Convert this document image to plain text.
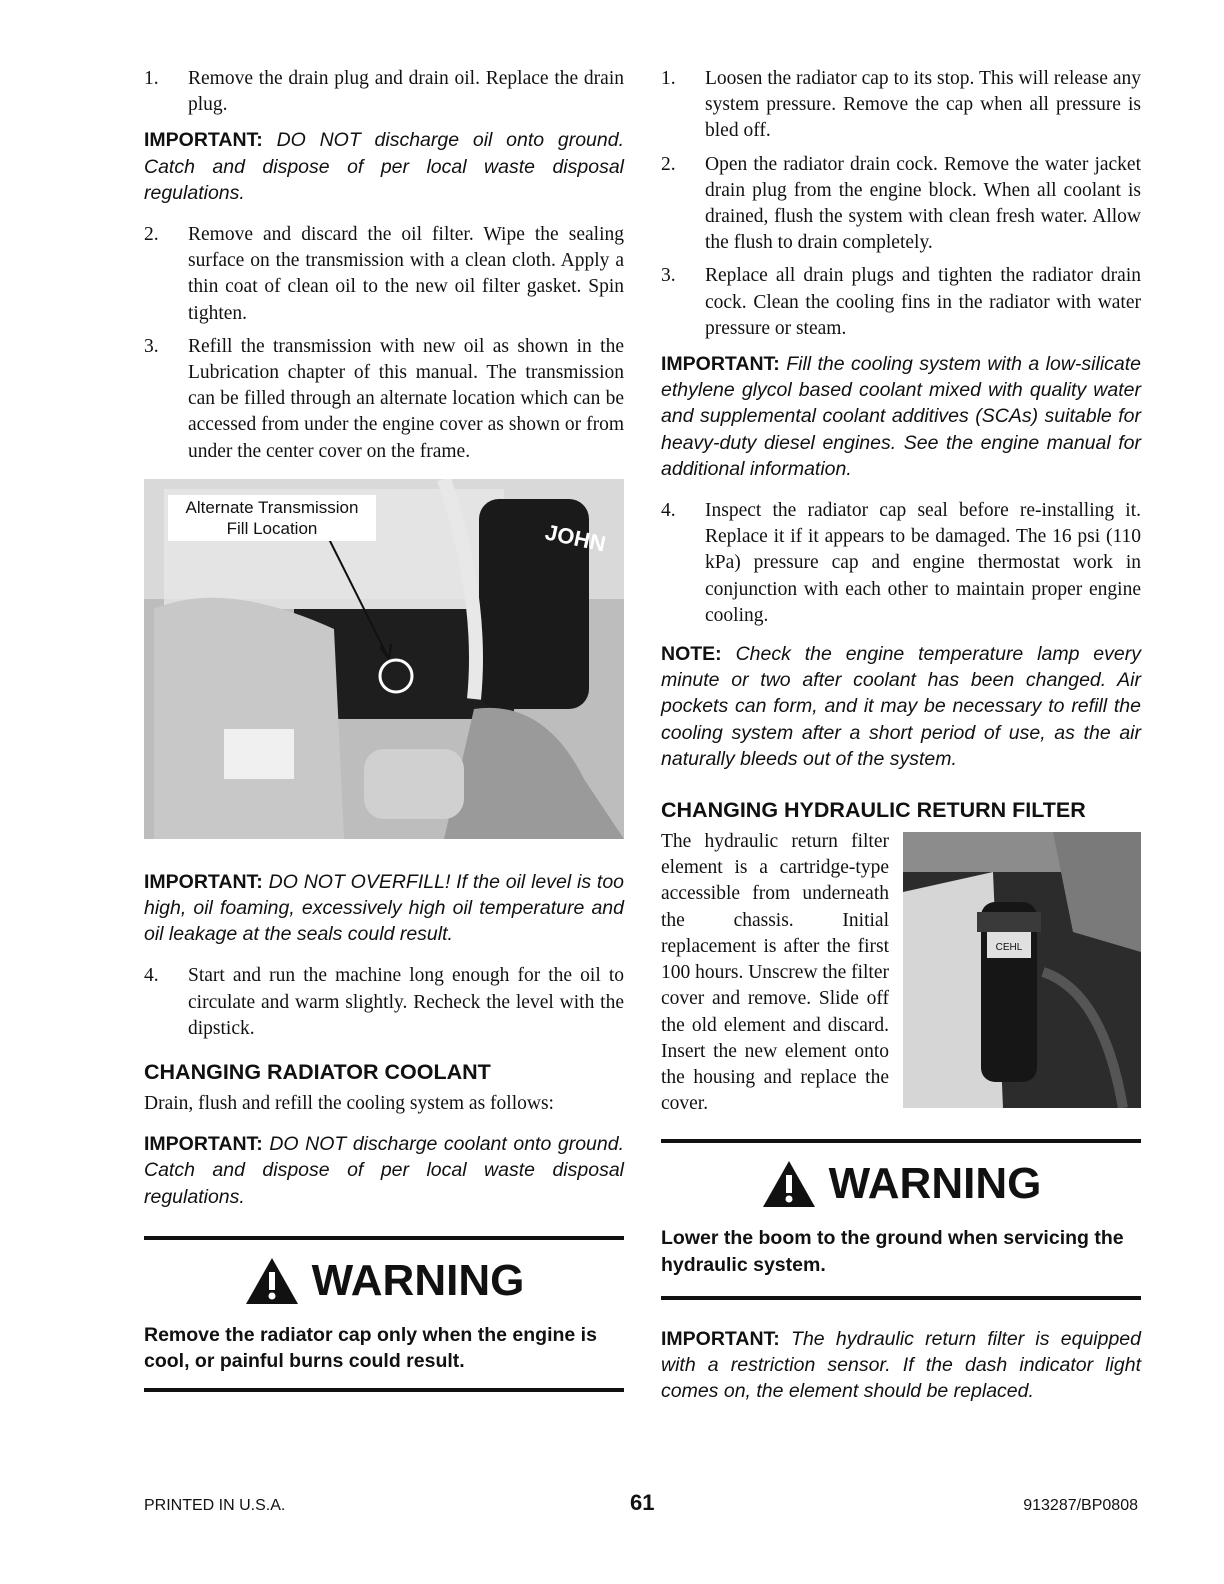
1.	Remove the drain plug and drain oil. Replace the drain plug.
IMPORTANT: DO NOT discharge oil onto ground. Catch and dispose of per local waste disposal regulations.
2.	Remove and discard the oil filter. Wipe the sealing surface on the transmission with a clean cloth. Apply a thin coat of clean oil to the new oil filter gasket. Spin tighten.
3.	Refill the transmission with new oil as shown in the Lubrication chapter of this manual. The transmission can be filled through an alternate location which can be accessed from under the engine cover as shown or from under the center cover on the frame.
JOHN
Alternate Transmission
Fill Location
IMPORTANT: DO NOT OVERFILL! If the oil level is too high, oil foaming, excessively high oil temperature and oil leakage at the seals could result.
4.	Start and run the machine long enough for the oil to circulate and warm slightly. Recheck the level with the dipstick.
CHANGING RADIATOR COOLANT
Drain, flush and refill the cooling system as follows:
IMPORTANT: DO NOT discharge coolant onto ground. Catch and dispose of per local waste disposal regulations.
WARNING
Remove the radiator cap only when the engine is cool, or painful burns could result.
1.	Loosen the radiator cap to its stop. This will release any system pressure. Remove the cap when all pressure is bled off.
2.	Open the radiator drain cock. Remove the water jacket drain plug from the engine block. When all coolant is drained, flush the system with clean fresh water. Allow the flush to drain completely.
3.	Replace all drain plugs and tighten the radiator drain cock. Clean the cooling fins in the radiator with water pressure or steam.
IMPORTANT: Fill the cooling system with a low-silicate ethylene glycol based coolant mixed with quality water and supplemental coolant additives (SCAs) suitable for heavy-duty diesel engines. See the engine manual for additional information.
4.	Inspect the radiator cap seal before re-installing it. Replace it if it appears to be damaged. The 16 psi (110 kPa) pressure cap and engine thermostat work in conjunction with each other to maintain proper engine cooling.
NOTE: Check the engine temperature lamp every minute or two after coolant has been changed. Air pockets can form, and it may be necessary to refill the cooling system after a short period of use, as the air naturally bleeds out of the system.
CHANGING HYDRAULIC RETURN FILTER
The hydraulic return filter element is a cartridge-type accessible from underneath the chassis. Initial replacement is after the first 100 hours. Unscrew the filter cover and remove. Slide off the old element and discard. Insert the new element onto the housing and replace the cover.
CEHL
WARNING
Lower the boom to the ground when servicing the hydraulic system.
IMPORTANT: The hydraulic return filter is equipped with a restriction sensor. If the dash indicator light comes on, the element should be replaced.
PRINTED IN U.S.A.	61	913287/BP0808
